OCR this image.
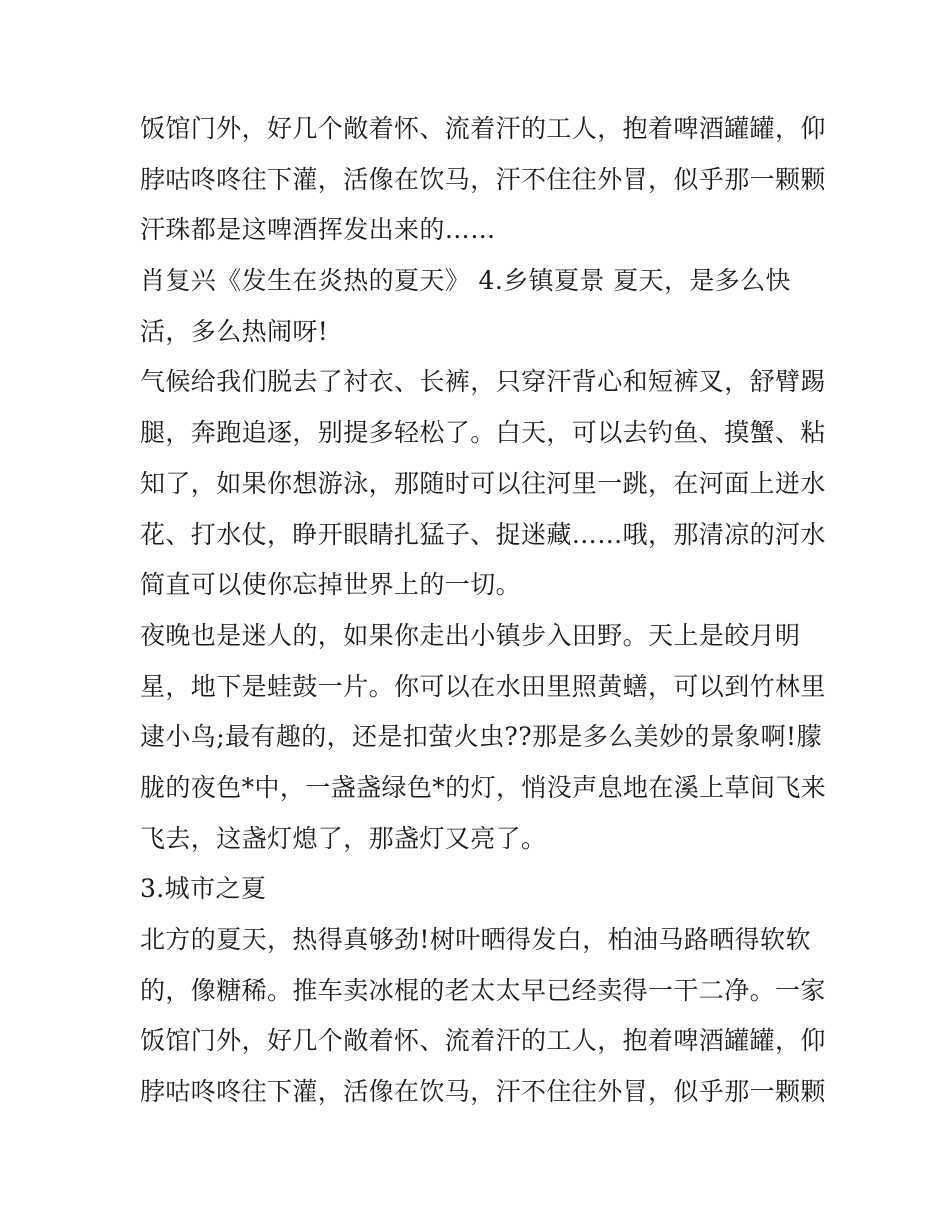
饭馆门外，好几个敞着怀、流着汗的工人，抱着啤酒罐罐，仰
脖咕咚咚往下灌，活像在饮马，汗不住往外冒，似乎那一颗颗
汗珠都是这啤酒挥发出来的……
肖复兴《发生在炎热的夏天》 4.乡镇夏景 夏天，是多么快
活，多么热闹呀!
气候给我们脱去了衬衣、长裤，只穿汗背心和短裤叉，舒臂踢
腿，奔跑追逐，别提多轻松了。白天，可以去钓鱼、摸蟹、粘
知了，如果你想游泳，那随时可以往河里一跳，在河面上迸水
花、打水仗，睁开眼睛扎猛子、捉迷藏……哦，那清凉的河水
简直可以使你忘掉世界上的一切。
夜晚也是迷人的，如果你走出小镇步入田野。天上是皎月明
星，地下是蛙鼓一片。你可以在水田里照黄蟮，可以到竹林里
逮小鸟;最有趣的，还是扣萤火虫??那是多么美妙的景象啊!朦
胧的夜色*中，一盏盏绿色*的灯，悄没声息地在溪上草间飞来
飞去，这盏灯熄了，那盏灯又亮了。
3.城市之夏
北方的夏天，热得真够劲!树叶晒得发白，柏油马路晒得软软
的，像糖稀。推车卖冰棍的老太太早已经卖得一干二净。一家
饭馆门外，好几个敞着怀、流着汗的工人，抱着啤酒罐罐，仰
脖咕咚咚往下灌，活像在饮马，汗不住往外冒，似乎那一颗颗
